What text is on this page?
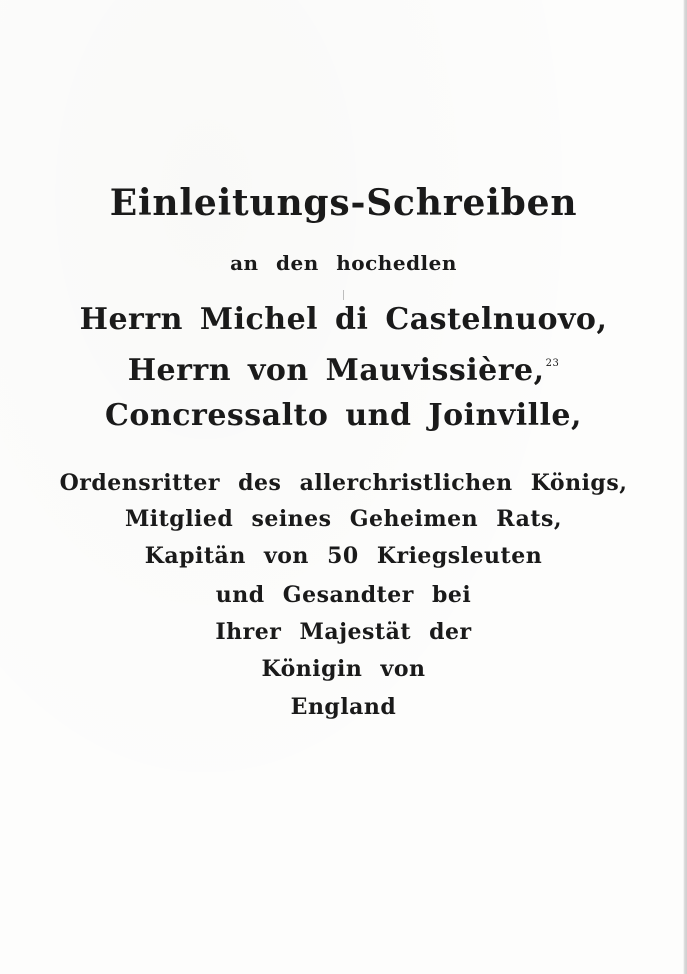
Einleitungs-Schreiben
an den hochedlen
Herrn Michel di Castelnuovo,
Herrn von Mauvissière,$^{23}$
Concressalto und Joinville,
Ordensritter des allerchristlichen Königs,
Mitglied seines Geheimen Rats,
Kapitän von 50 Kriegsleuten
und Gesandter bei
Ihrer Majestät der
Königin von
England
